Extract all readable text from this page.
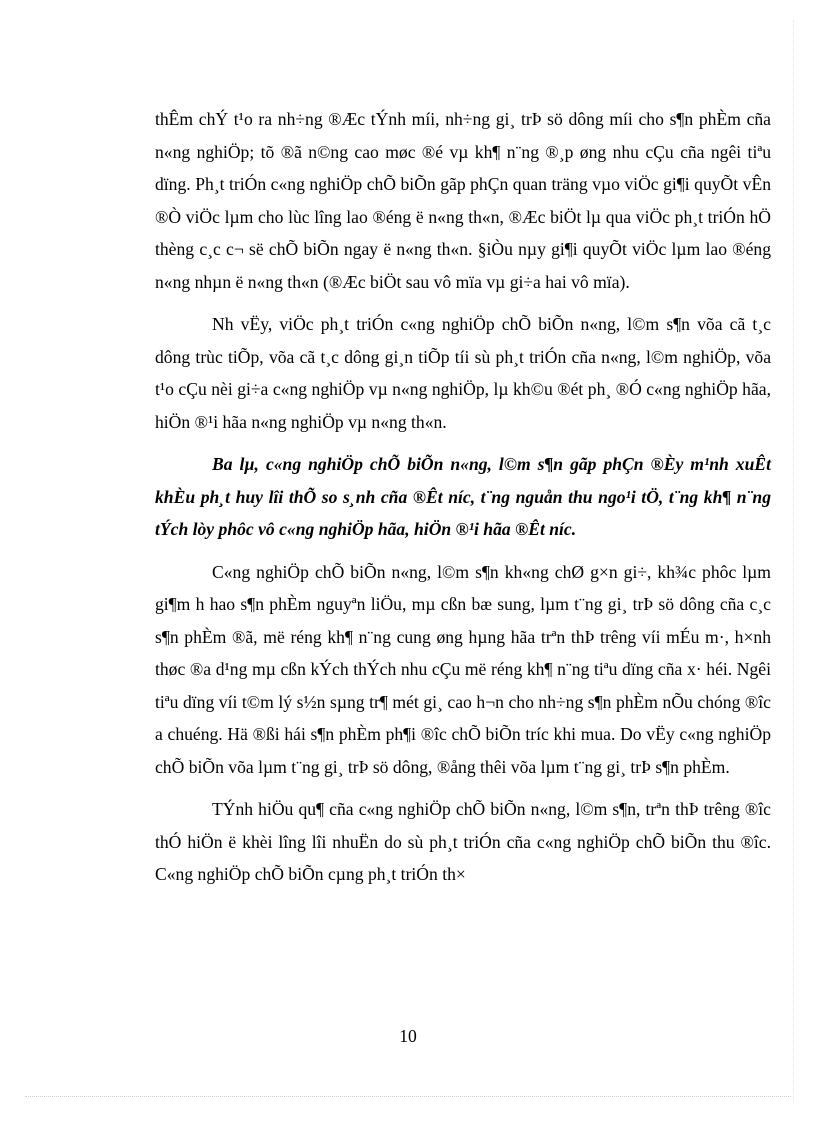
thÊm chÝ t¹o ra nh÷ng ®Æc tÝnh míi, nh÷ng gi¸ trÞ sö dông míi cho s¶n phÈm cña n«ng nghiÖp; tõ ®ã n©ng cao møc ®é vµ kh¶ n¨ng ®¸p øng nhu cÇu cña ngêi tiªu dïng. Ph¸t triÓn c«ng nghiÖp chÕ biÕn gãp phÇn quan träng vµo viÖc gi¶i quyÕt vÊn ®Ò viÖc lµm cho lùc lîng lao ®éng ë n«ng th«n, ®Æc biÖt lµ qua viÖc ph¸t triÓn hÖ thèng c¸c c¬ së chÕ biÕn ngay ë n«ng th«n. §iÒu nµy gi¶i quyÕt viÖc lµm lao ®éng n«ng nhµn ë n«ng th«n (®Æc biÖt sau vô mïa vµ gi÷a hai vô mïa).

Nh vËy, viÖc ph¸t triÓn c«ng nghiÖp chÕ biÕn n«ng, l©m s¶n võa cã t¸c dông trùc tiÕp, võa cã t¸c dông gi¸n tiÕp tíi sù ph¸t triÓn cña n«ng, l©m nghiÖp, võa t¹o cÇu nèi gi÷a c«ng nghiÖp vµ n«ng nghiÖp, lµ kh©u ®ét ph¸ ®Ó c«ng nghiÖp hãa, hiÖn ®¹i hãa n«ng nghiÖp vµ n«ng th«n.

Ba lµ, c«ng nghiÖp chÕ biÕn n«ng, l©m s¶n gãp phÇn ®Èy m¹nh xuÊt khÈu ph¸t huy lîi thÕ so s¸nh cña ®Êt níc, t¨ng nguån thu ngo¹i tÖ, t¨ng kh¶ n¨ng tÝch lòy phôc vô c«ng nghiÖp hãa, hiÖn ®¹i hãa ®Êt níc.

C«ng nghiÖp chÕ biÕn n«ng, l©m s¶n kh«ng chØ g×n gi÷, kh¾c phôc lµm gi¶m h hao s¶n phÈm nguyªn liÖu, mµ cßn bæ sung, lµm t¨ng gi¸ trÞ sö dông cña c¸c s¶n phÈm ®ã, më réng kh¶ n¨ng cung øng hµng hãa trªn thÞ trêng víi mÉu m·, h×nh thøc ®a d¹ng mµ cßn kÝch thÝch nhu cÇu më réng kh¶ n¨ng tiªu dïng cña x· héi. Ngêi tiªu dïng víi t©m lý s½n sµng tr¶ mét gi¸ cao h¬n cho nh÷ng s¶n phÈm nÕu chóng ®îc a chuéng. Hä ®ßi hái s¶n phÈm ph¶i ®îc chÕ biÕn tríc khi mua. Do vËy c«ng nghiÖp chÕ biÕn võa lµm t¨ng gi¸ trÞ sö dông, ®ång thêi võa lµm t¨ng gi¸ trÞ s¶n phÈm.

TÝnh hiÖu qu¶ cña c«ng nghiÖp chÕ biÕn n«ng, l©m s¶n, trªn thÞ trêng ®îc thÓ hiÖn ë khèi lîng lîi nhuËn do sù ph¸t triÓn cña c«ng nghiÖp chÕ biÕn thu ®îc. C«ng nghiÖp chÕ biÕn cµng ph¸t triÓn th×

10
